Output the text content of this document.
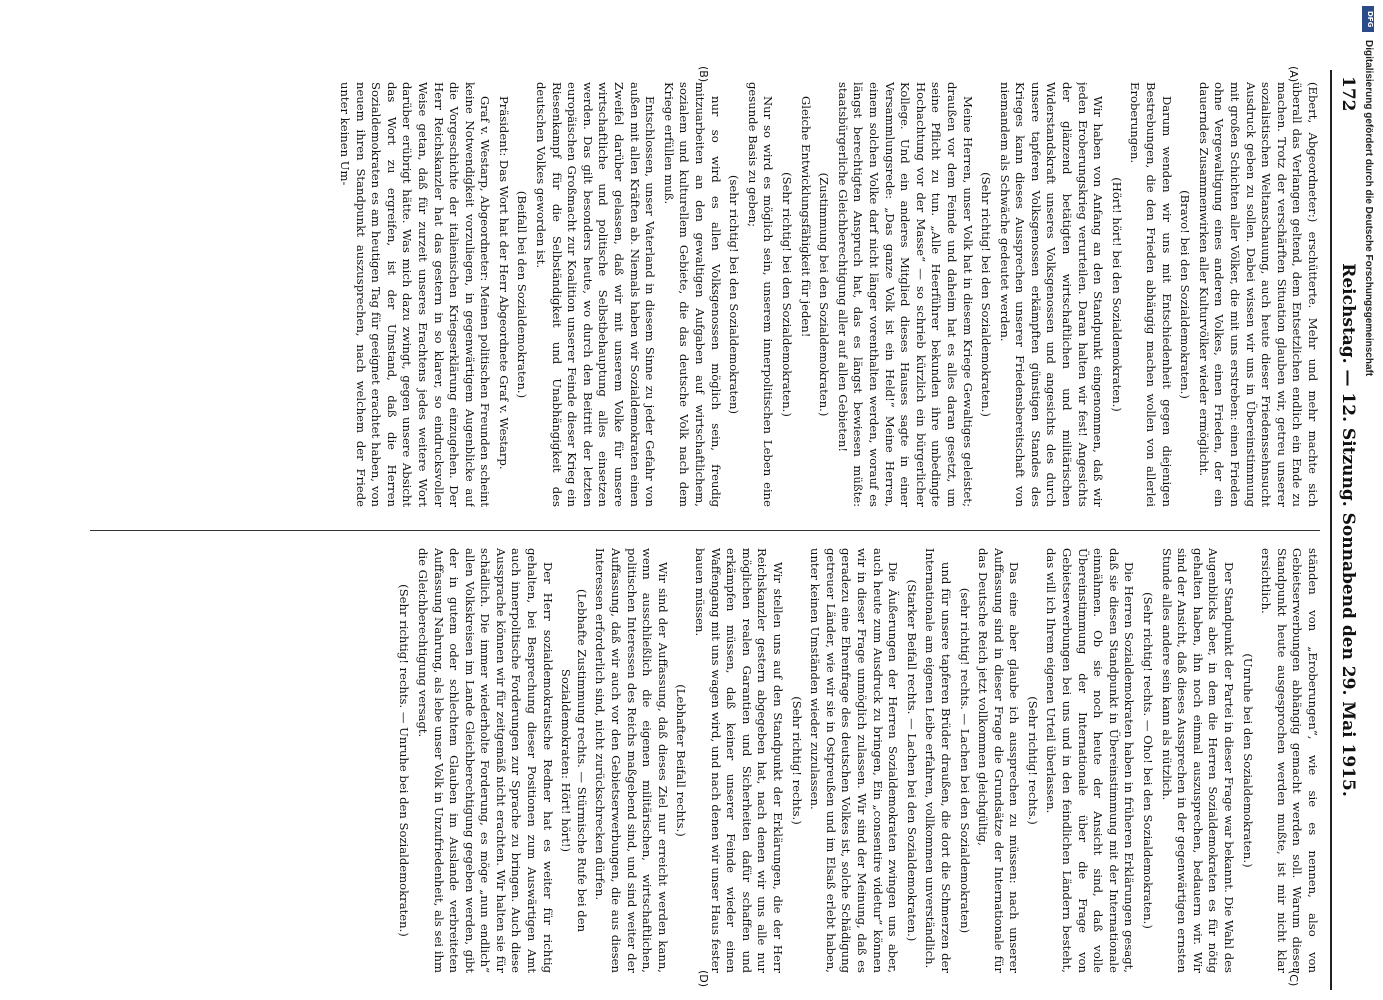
172
Reichstag. — 12. Sitzung. Sonnabend den 29. Mai 1915.
(A)
(B)
(C)
(D)

(Ebert, Abgeordneter:) erschütterte. Mehr und mehr machte sich überall das Verlangen geltend, dem Entsetzlichen endlich ein Ende zu machen. Trotz der verschärften Situation glauben wir, getreu unserer sozialistischen Weltanschauung, auch heute dieser Friedenssehnsucht Ausdruck geben zu sollen. Dabei wissen wir uns in Übereinstimmung mit großen Schichten aller Völker, die mit uns erstreben: einen Frieden ohne Vergewaltigung eines anderen Volkes, einen Frieden, der ein dauerndes Zusammenwirken aller Kulturvölker wieder ermöglicht.

(Bravo! bei den Sozialdemokraten.)

Darum wenden wir uns mit Entschiedenheit gegen diejenigen Bestrebungen, die den Frieden abhängig machen wollen von allerlei Eroberungen.

(Hört! hört! bei den Sozialdemokraten.)

Wir haben von Anfang an den Standpunkt eingenommen, daß wir jeden Eroberungskrieg verurteilen. Daran halten wir fest! Angesichts der glänzend betätigten wirtschaftlichen und militärischen Widerstandskraft unseres Volksgenossen und angesichts des durch unsere tapferen Volksgenossen erkämpften günstigen Standes des Krieges kann dieses Aussprechen unserer Friedensbereitschaft von niemandem als Schwäche gedeutet werden.

(Sehr richtig! bei den Sozialdemokraten.)

Meine Herren, unser Volk hat in diesem Kriege Gewaltiges geleistet; draußen vor dem Feinde und daheim hat es alles daran gesetzt, um seine Pflicht zu tun. „Alle Heerführer bekunden ihre unbedingte Hochachtung vor der Masse“ — so schrieb kürzlich ein bürgerlicher Kollege. Und ein anderes Mitglied dieses Hauses sagte in einer Versammlungsrede: „Das ganze Volk ist ein Held!“ Meine Herren, einem solchen Volke darf nicht länger vorenthalten werden, worauf es längst berechtigten Anspruch hat, das es längst bewiesen müßte: staatsbürgerliche Gleichberechtigung aller auf allen Gebieten!

(Zustimmung bei den Sozialdemokraten.)

Gleiche Entwicklungsfähigkeit für jeden!

(Sehr richtig! bei den Sozialdemokraten.)

Nur so wird es möglich sein, unserem innerpolitischen Leben eine gesunde Basis zu geben;

(sehr richtig! bei den Sozialdemokraten)

nur so wird es allen Volksgenossen möglich sein, freudig mitzuarbeiten an den gewaltigen Aufgaben auf wirtschaftlichem, sozialem und kulturellem Gebiete, die das deutsche Volk nach dem Kriege erfüllen muß.

Entschlossen, unser Vaterland in diesem Sinne zu jeder Gefahr von außen mit allen Kräften ab. Niemals haben wir Sozialdemokraten einen Zweifel darüber gelassen, daß wir mit unserem Volke für unsere wirtschaftliche und politische Selbstbehauptung alles einsetzen werden. Das gilt besonders heute, wo durch den Beitritt der letzten europäischen Großmacht zur Koalition unserer Feinde dieser Krieg ein Riesenkampf für die Selbständigkeit und Unabhängigkeit des deutschen Volkes geworden ist.

(Beifall bei den Sozialdemokraten.)

Präsident: Das Wort hat der Herr Abgeordnete Graf v. Westarp.

Graf v. Westarp, Abgeordneter: Meinen politischen Freunden scheint keine Notwendigkeit vorzuliegen, in gegenwärtigem Augenblicke auf die Vorgeschichte der italienischen Kriegserklärung einzugehen. Der Herr Reichskanzler hat das gestern in so klarer, so eindrucksvoller Weise getan, daß für zurzeit unseres Erachtens jedes weitere Wort darüber erübrigt hätte. Was mich dazu zwingt, gegen unsere Absicht das Wort zu ergreifen, ist der Umstand, daß die Herren Sozialdemokraten es am heutigen Tag für geeignet erachtet haben, von neuem ihren Standpunkt auszusprechen, nach welchem der Friede unter keinen Um-

ständen von „Eroberungen“, wie sie es nennen, also von Gebietserwerbungen abhängig gemacht werden soll. Warum dieser Standpunkt heute ausgesprochen werden mußte, ist mir nicht klar ersichtlich.

(Unruhe bei den Sozialdemokraten.)

Der Standpunkt der Partei in dieser Frage war bekannt. Die Wahl des Augenblicks aber, in dem die Herren Sozialdemokraten es für nötig gehalten haben, ihn noch einmal auszusprechen, bedauern wir. Wir sind der Ansicht, daß dieses Aussprechen in der gegenwärtigen ernsten Stunde alles andere sein kann als nützlich.

(Sehr richtig! rechts. — Oho! bei den Sozialdemokraten.)

Die Herren Sozialdemokraten haben in früheren Erklärungen gesagt, daß sie diesen Standpunkt in Übereinstimmung mit der Internationale einnähmen. Ob sie noch heute der Ansicht sind, daß volle Übereinstimmung der Internationale über die Frage von Gebietserwerbungen bei uns und in den feindlichen Ländern besteht, das will ich Ihrem eigenen Urteil überlassen.

(Sehr richtig! rechts.)

Das eine aber glaube ich aussprechen zu müssen: nach unserer Auffassung sind in dieser Frage die Grundsätze der Internationale für das Deutsche Reich jetzt vollkommen gleichgültig,

(sehr richtig! rechts. — Lachen bei den Sozialdemokraten)

und für unsere tapferen Brüder draußen, die dort die Schmerzen der Internationale am eigenen Leibe erfahren, vollkommen unverständlich.

(Starker Beifall rechts. — Lachen bei den Sozialdemokraten.)

Die Äußerungen der Herren Sozialdemokraten zwingen uns aber, auch heute zum Ausdruck zu bringen, Ein „consentire videtur“ können wir in dieser Frage unmöglich zulassen. Wir sind der Meinung, daß es geradezu eine Ehrenfrage des deutschen Volkes ist, solche Schädigung getreuer Länder, wie wir sie in Ostpreußen und im Elsaß erlebt haben, unter keinen Umständen wieder zuzulassen.

(Sehr richtig! rechts.)

Wir stellen uns auf den Standpunkt der Erklärungen, die der Herr Reichskanzler gestern abgegeben hat, nach denen wir uns alle nur möglichen realen Garantien und Sicherheiten dafür schaffen und erkämpfen müssen, daß keiner unserer Feinde wieder einen Waffengang mit uns wagen wird, und nach denen wir unser Haus fester bauen müssen.

(Lebhafter Beifall rechts.)

Wir sind der Auffassung, daß dieses Ziel nur erreicht werden kann, wenn ausschließlich die eigenen militärischen, wirtschaftlichen, politischen Interessen des Reichs maßgebend sind, und sind weiter der Auffassung, daß wir auch vor den Gebietserwerbungen, die aus diesen Interessen erforderlich sind, nicht zurückschrecken dürfen.

(Lebhafte Zustimmung rechts. — Stürmische Rufe bei den Sozialdemokraten: Hört! hört!)

Der Herr sozialdemokratische Redner hat es weiter für richtig gehalten, bei Besprechung dieser Positionen zum Auswärtigen Amt auch innerpolitische Forderungen zur Sprache zu bringen. Auch diese Aussprache können wir für zeitgemäß nicht erachten. Wir halten sie für schädlich. Die immer wiederholte Forderung, es möge „nun endlich“ allen Volkskreisen im Lande Gleichberechtigung gegeben werden, gibt der in gutem oder schlechtem Glauben im Auslande verbreiteten Auffassung Nahrung, als lebe unser Volk in Unzufriedenheit, als sei ihm die Gleichberechtigung versagt.

(Sehr richtig! rechts. — Unruhe bei den Sozialdemokraten.)

DFG
Digitalisierung gefördert durch die Deutsche Forschungsgemeinschaft
